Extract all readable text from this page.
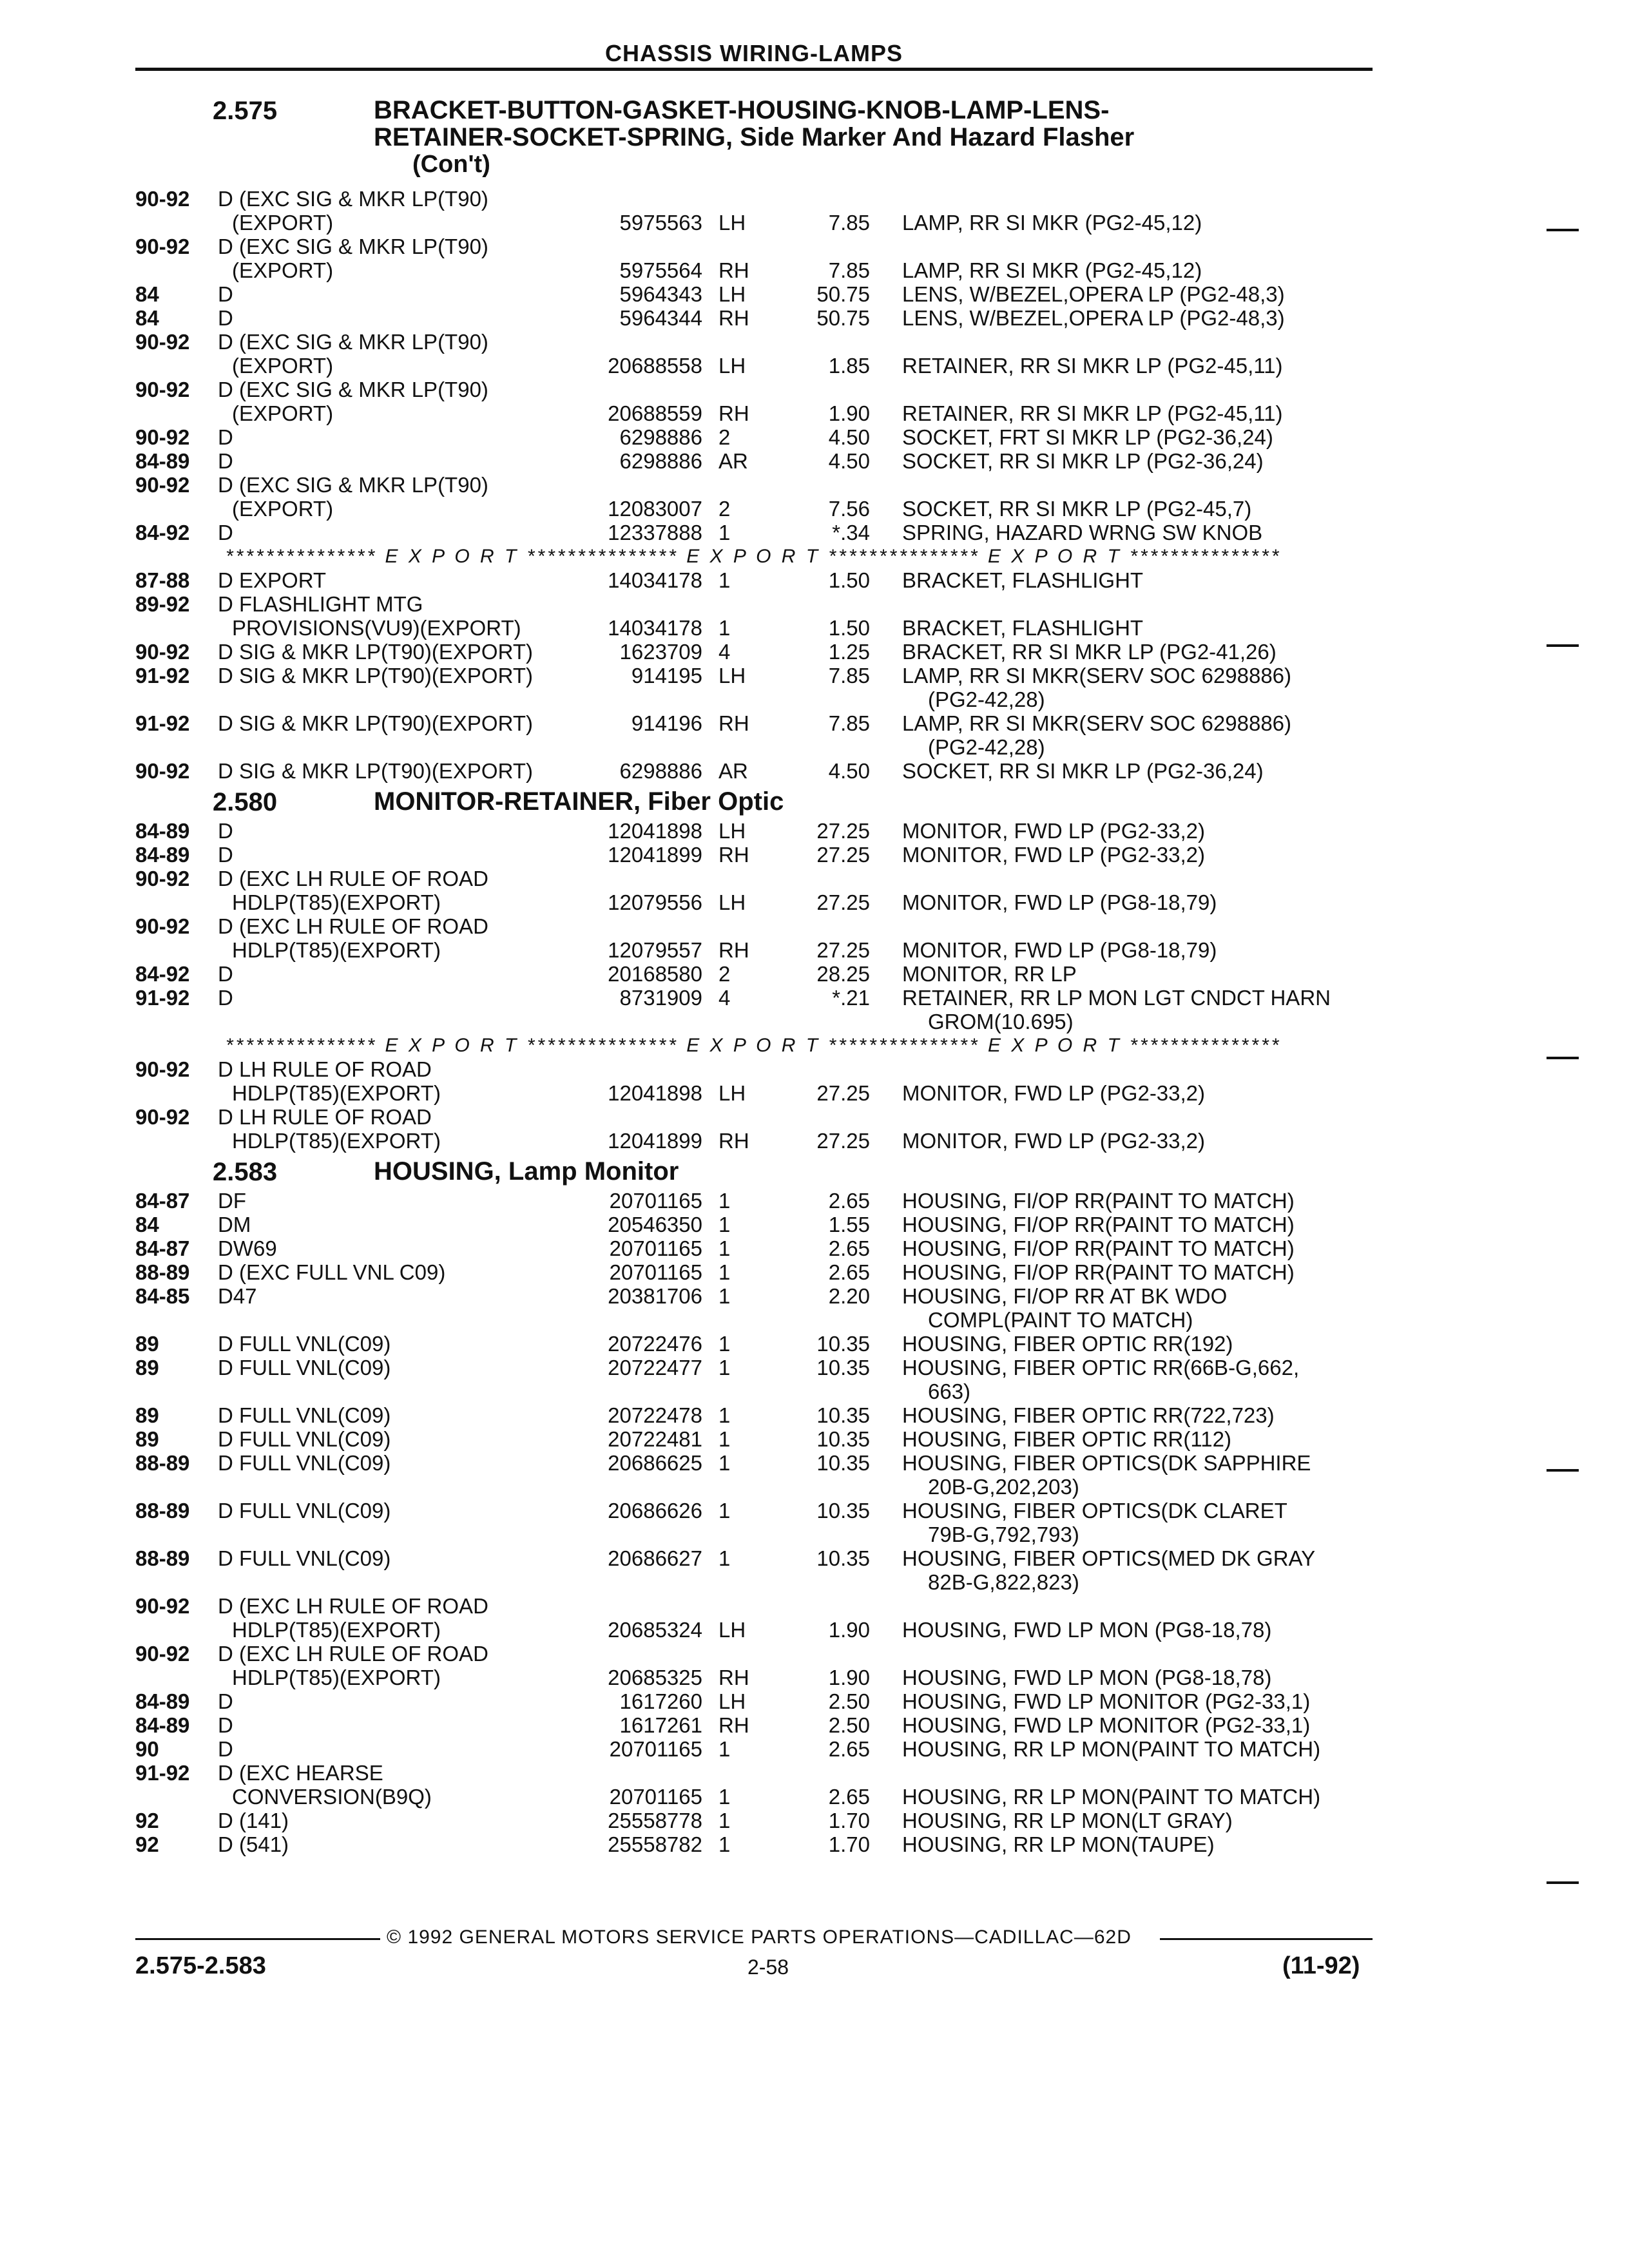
CHASSIS WIRING-LAMPS
2.575	BRACKET-BUTTON-GASKET-HOUSING-KNOB-LAMP-LENS-
RETAINER-SOCKET-SPRING, Side Marker And Hazard Flasher
(Con't)
90-92 D (EXC SIG & MKR LP(T90)
(EXPORT)	5975563 LH	7.85 LAMP, RR SI MKR (PG2-45,12)
90-92 D (EXC SIG & MKR LP(T90)
(EXPORT)	5975564 RH	7.85 LAMP, RR SI MKR (PG2-45,12)
84	D	5964343 LH	50.75 LENS, W/BEZEL,OPERA LP (PG2-48,3)
84	D	5964344 RH	50.75 LENS, W/BEZEL,OPERA LP (PG2-48,3)
90-92 D (EXC SIG & MKR LP(T90)
(EXPORT)	20688558 LH	1.85 RETAINER, RR SI MKR LP (PG2-45,11)
90-92 D (EXC SIG & MKR LP(T90)
(EXPORT)	20688559 RH	1.90 RETAINER, RR SI MKR LP (PG2-45,11)
90-92 D	6298886 2	4.50 SOCKET, FRT SI MKR LP (PG2-36,24)
84-89 D	6298886 AR	4.50 SOCKET, RR SI MKR LP (PG2-36,24)
90-92 D (EXC SIG & MKR LP(T90)
(EXPORT)	12083007 2	7.56 SOCKET, RR SI MKR LP (PG2-45,7)
84-92 D	12337888 1	*.34 SPRING, HAZARD WRNG SW KNOB
*************** E X P O R T *************** E X P O R T *************** E X P O R T ***************
87-88 D EXPORT	14034178 1	1.50 BRACKET, FLASHLIGHT
89-92 D FLASHLIGHT MTG
PROVISIONS(VU9)(EXPORT)	14034178 1	1.50 BRACKET, FLASHLIGHT
90-92 D SIG & MKR LP(T90)(EXPORT)	1623709 4	1.25 BRACKET, RR SI MKR LP (PG2-41,26)
91-92 D SIG & MKR LP(T90)(EXPORT)	914195 LH	7.85 LAMP, RR SI MKR(SERV SOC 6298886)
(PG2-42,28)
91-92 D SIG & MKR LP(T90)(EXPORT)	914196 RH	7.85 LAMP, RR SI MKR(SERV SOC 6298886)
(PG2-42,28)
90-92 D SIG & MKR LP(T90)(EXPORT)	6298886 AR	4.50 SOCKET, RR SI MKR LP (PG2-36,24)
2.580	MONITOR-RETAINER, Fiber Optic
84-89 D	12041898 LH	27.25 MONITOR, FWD LP (PG2-33,2)
84-89 D	12041899 RH	27.25 MONITOR, FWD LP (PG2-33,2)
90-92 D (EXC LH RULE OF ROAD
HDLP(T85)(EXPORT)	12079556 LH	27.25 MONITOR, FWD LP (PG8-18,79)
90-92 D (EXC LH RULE OF ROAD
HDLP(T85)(EXPORT)	12079557 RH	27.25 MONITOR, FWD LP (PG8-18,79)
84-92 D	20168580 2	28.25 MONITOR, RR LP
91-92 D	8731909 4	*.21 RETAINER, RR LP MON LGT CNDCT HARN
GROM(10.695)
*************** E X P O R T *************** E X P O R T *************** E X P O R T ***************
90-92 D LH RULE OF ROAD
HDLP(T85)(EXPORT)	12041898 LH	27.25 MONITOR, FWD LP (PG2-33,2)
90-92 D LH RULE OF ROAD
HDLP(T85)(EXPORT)	12041899 RH	27.25 MONITOR, FWD LP (PG2-33,2)
2.583	HOUSING, Lamp Monitor
84-87 DF	20701165 1	2.65 HOUSING, FI/OP RR(PAINT TO MATCH)
84	DM	20546350 1	1.55 HOUSING, FI/OP RR(PAINT TO MATCH)
84-87 DW69	20701165 1	2.65 HOUSING, FI/OP RR(PAINT TO MATCH)
88-89 D (EXC FULL VNL C09)	20701165 1	2.65 HOUSING, FI/OP RR(PAINT TO MATCH)
84-85 D47	20381706 1	2.20 HOUSING, FI/OP RR AT BK WDO
COMPL(PAINT TO MATCH)
89	D FULL VNL(C09)	20722476 1	10.35 HOUSING, FIBER OPTIC RR(192)
89	D FULL VNL(C09)	20722477 1	10.35 HOUSING, FIBER OPTIC RR(66B-G,662,
663)
89	D FULL VNL(C09)	20722478 1	10.35 HOUSING, FIBER OPTIC RR(722,723)
89	D FULL VNL(C09)	20722481 1	10.35 HOUSING, FIBER OPTIC RR(112)
88-89 D FULL VNL(C09)	20686625 1	10.35 HOUSING, FIBER OPTICS(DK SAPPHIRE
20B-G,202,203)
88-89 D FULL VNL(C09)	20686626 1	10.35 HOUSING, FIBER OPTICS(DK CLARET
79B-G,792,793)
88-89 D FULL VNL(C09)	20686627 1	10.35 HOUSING, FIBER OPTICS(MED DK GRAY
82B-G,822,823)
90-92 D (EXC LH RULE OF ROAD
HDLP(T85)(EXPORT)	20685324 LH	1.90 HOUSING, FWD LP MON (PG8-18,78)
90-92 D (EXC LH RULE OF ROAD
HDLP(T85)(EXPORT)	20685325 RH	1.90 HOUSING, FWD LP MON (PG8-18,78)
84-89 D	1617260 LH	2.50 HOUSING, FWD LP MONITOR (PG2-33,1)
84-89 D	1617261 RH	2.50 HOUSING, FWD LP MONITOR (PG2-33,1)
90	D	20701165 1	2.65 HOUSING, RR LP MON(PAINT TO MATCH)
91-92 D (EXC HEARSE
CONVERSION(B9Q)	20701165 1	2.65 HOUSING, RR LP MON(PAINT TO MATCH)
92	D (141)	25558778 1	1.70 HOUSING, RR LP MON(LT GRAY)
92	D (541)	25558782 1	1.70 HOUSING, RR LP MON(TAUPE)
© 1992 GENERAL MOTORS SERVICE PARTS OPERATIONS—CADILLAC—62D
2.575-2.583	2-58	(11-92)
